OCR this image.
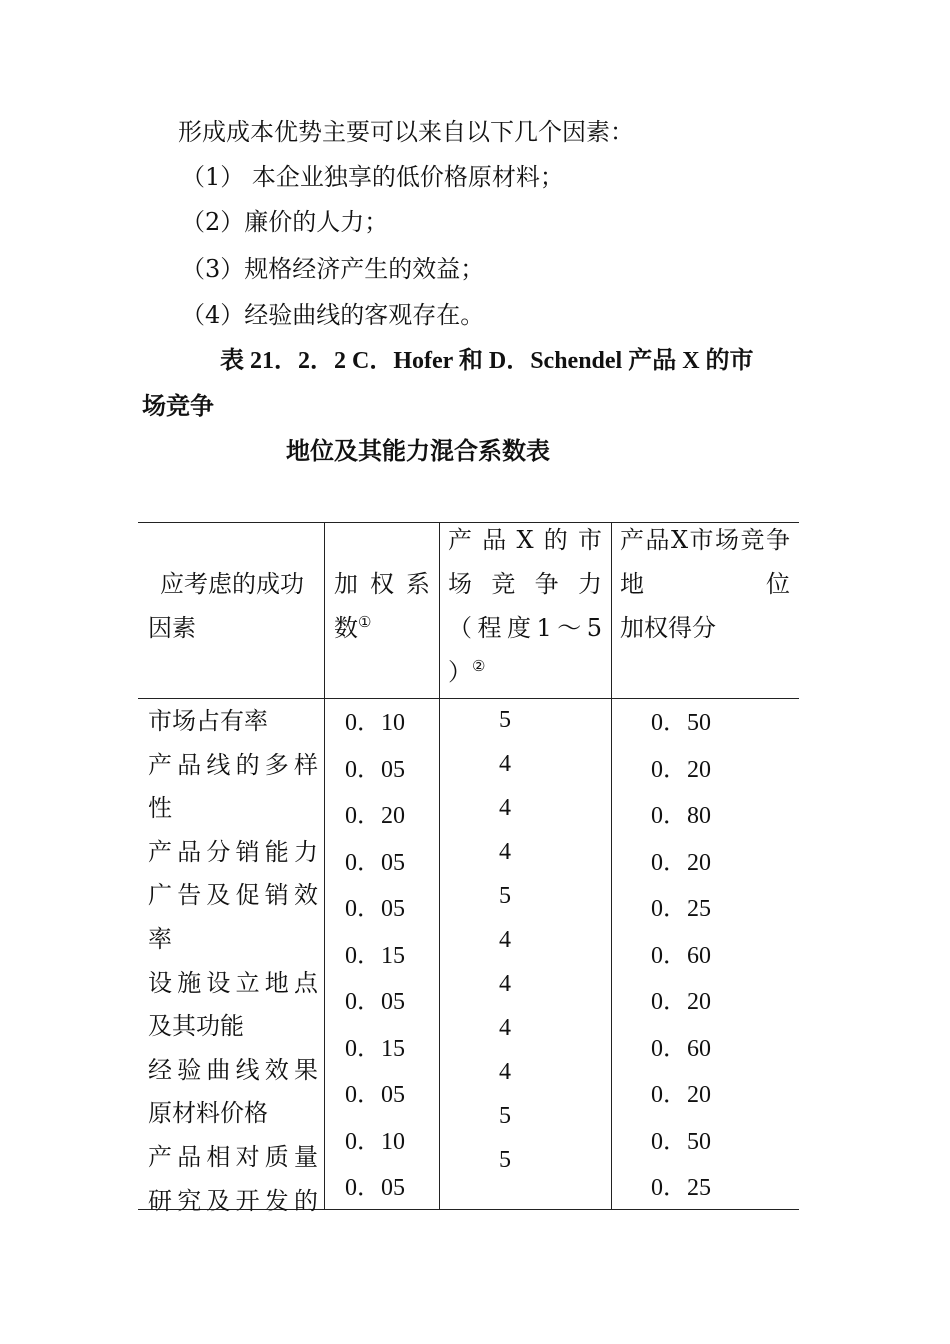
形成成本优势主要可以来自以下几个因素：
（1） 本企业独享的低价格原材料；
（2）廉价的人力；
（3）规格经济产生的效益；
（4）经验曲线的客观存在。
表 21．2．2 C．Hofer 和 D．Schendel 产品 X 的市
场竞争
地位及其能力混合系数表
应考虑的成功
因素
加 权 系
数①
产 品 X 的 市
场 竞 争 力
（ 程 度 1 ～ 5
）②
产 品 X 市 场 竞 争
地	位
加权得分
市场占有率
产 品 线 的 多 样
性
产 品 分 销 能 力
广 告 及 促 销 效
率
设 施 设 立 地 点
及其功能
经 验 曲 线 效 果
原材料价格
产 品 相 对 质 量
研 究 及 开 发 的
0．10
0．05
0．20
0．05
0．05
0．15
0．05
0．15
0．05
0．10
0．05
5
4
4
4
5
4
4
4
4
5
5
0．50
0．20
0．80
0．20
0．25
0．60
0．20
0．60
0．20
0．50
0．25
